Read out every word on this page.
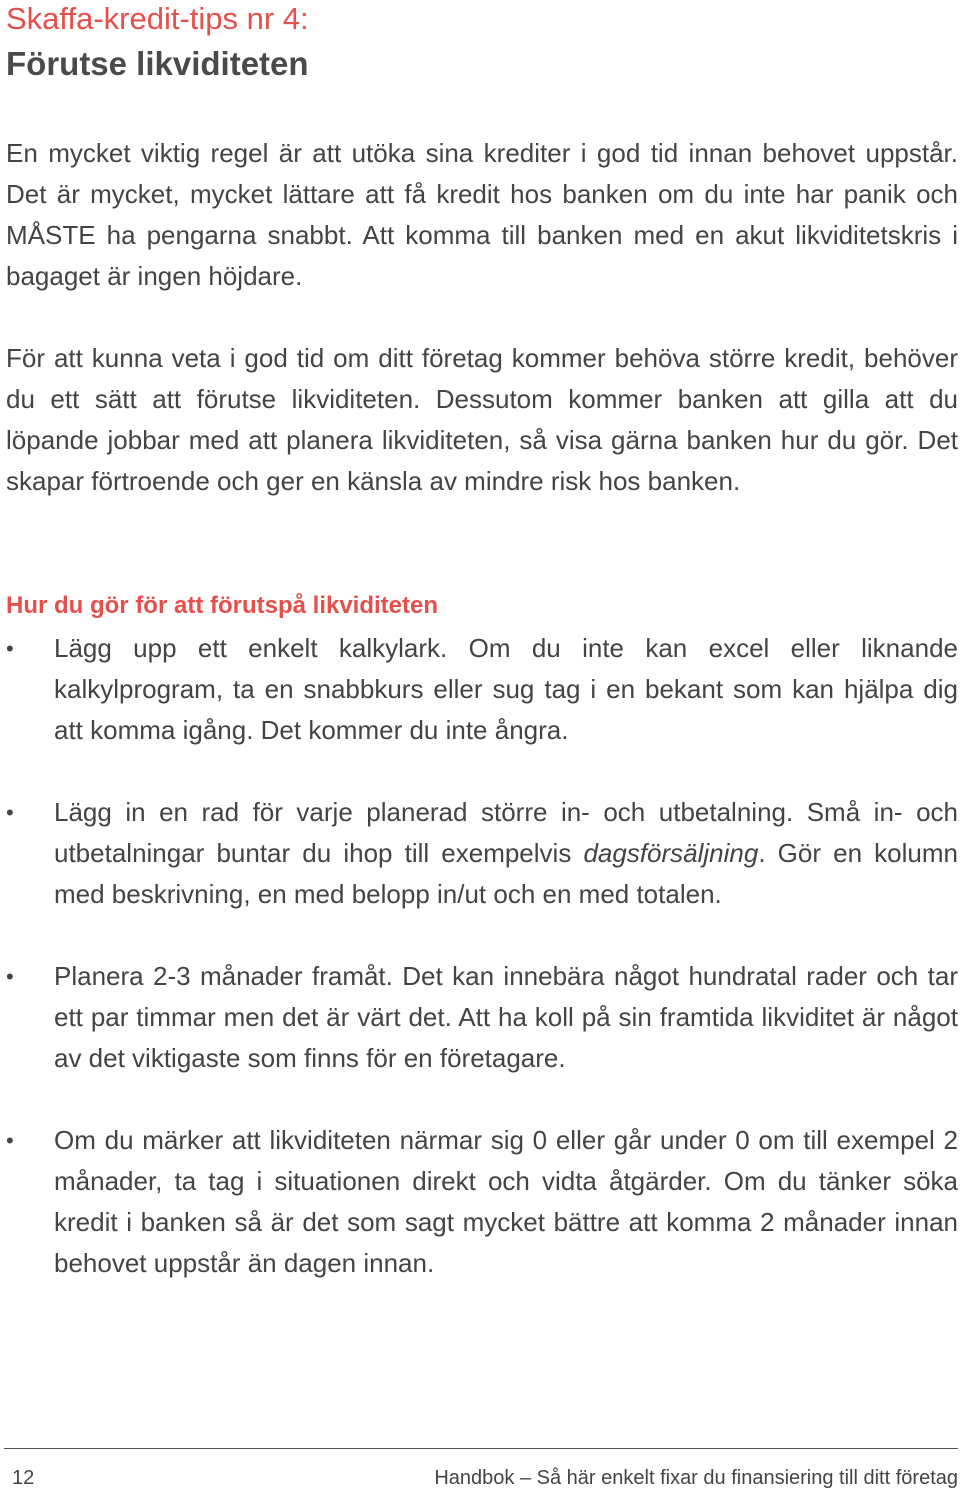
Skaffa-kredit-tips nr 4:
Förutse likviditeten

En mycket viktig regel är att utöka sina krediter i god tid innan behovet uppstår. Det är mycket, mycket lättare att få kredit hos banken om du inte har panik och MÅSTE ha pengarna snabbt. Att komma till banken med en akut likviditetskris i bagaget är ingen höjdare.

För att kunna veta i god tid om ditt företag kommer behöva större kredit, behöver du ett sätt att förutse likviditeten. Dessutom kommer banken att gilla att du löpande jobbar med att planera likviditeten, så visa gärna banken hur du gör. Det skapar förtroende och ger en känsla av mindre risk hos banken.

Hur du gör för att förutspå likviditeten
•	Lägg upp ett enkelt kalkylark. Om du inte kan excel eller liknande kalkylprogram, ta en snabbkurs eller sug tag i en bekant som kan hjälpa dig att komma igång. Det kommer du inte ångra.
•	Lägg in en rad för varje planerad större in- och utbetalning. Små in- och utbetalningar buntar du ihop till exempelvis dagsförsäljning. Gör en kolumn med beskrivning, en med belopp in/ut och en med totalen.
•	Planera 2-3 månader framåt. Det kan innebära något hundratal rader och tar ett par timmar men det är värt det. Att ha koll på sin framtida likviditet är något av det viktigaste som finns för en företagare.
•	Om du märker att likviditeten närmar sig 0 eller går under 0 om till exempel 2 månader, ta tag i situationen direkt och vidta åtgärder. Om du tänker söka kredit i banken så är det som sagt mycket bättre att komma 2 månader innan behovet uppstår än dagen innan.
12	Handbok – Så här enkelt fixar du finansiering till ditt företag
